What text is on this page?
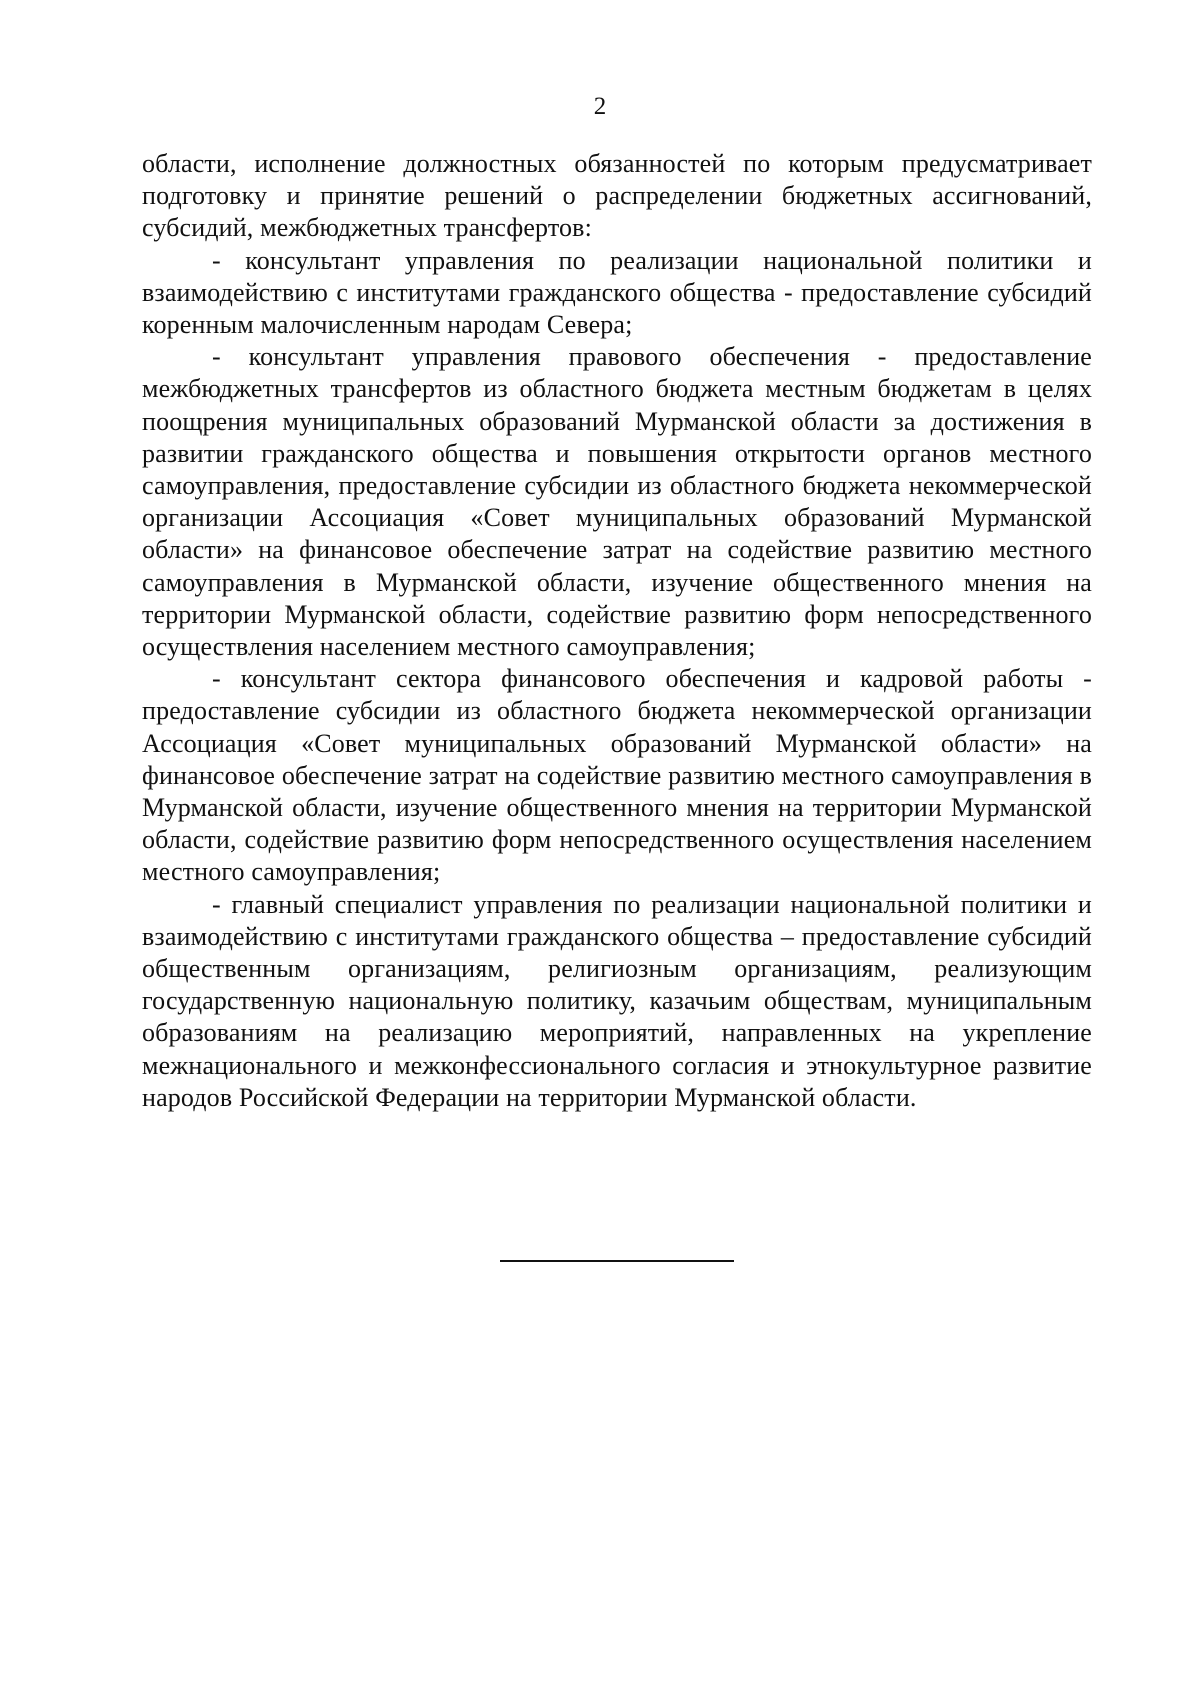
2

области, исполнение должностных обязанностей по которым предусматривает подготовку и принятие решений о распределении бюджетных ассигнований, субсидий, межбюджетных трансфертов:

- консультант управления по реализации национальной политики и взаимодействию с институтами гражданского общества - предоставление субсидий коренным малочисленным народам Севера;

- консультант управления правового обеспечения - предоставление межбюджетных трансфертов из областного бюджета местным бюджетам в целях поощрения муниципальных образований Мурманской области за достижения в развитии гражданского общества и повышения открытости органов местного самоуправления, предоставление субсидии из областного бюджета некоммерческой организации Ассоциация «Совет муниципальных образований Мурманской области» на финансовое обеспечение затрат на содействие развитию местного самоуправления в Мурманской области, изучение общественного мнения на территории Мурманской области, содействие развитию форм непосредственного осуществления населением местного самоуправления;

- консультант сектора финансового обеспечения и кадровой работы - предоставление субсидии из областного бюджета некоммерческой организации Ассоциация «Совет муниципальных образований Мурманской области» на финансовое обеспечение затрат на содействие развитию местного самоуправления в Мурманской области, изучение общественного мнения на территории Мурманской области, содействие развитию форм непосредственного осуществления населением местного самоуправления;

- главный специалист управления по реализации национальной политики и взаимодействию с институтами гражданского общества – предоставление субсидий общественным организациям, религиозным организациям, реализующим государственную национальную политику, казачьим обществам, муниципальным образованиям на реализацию мероприятий, направленных на укрепление межнационального и межконфессионального согласия и этнокультурное развитие народов Российской Федерации на территории Мурманской области.
